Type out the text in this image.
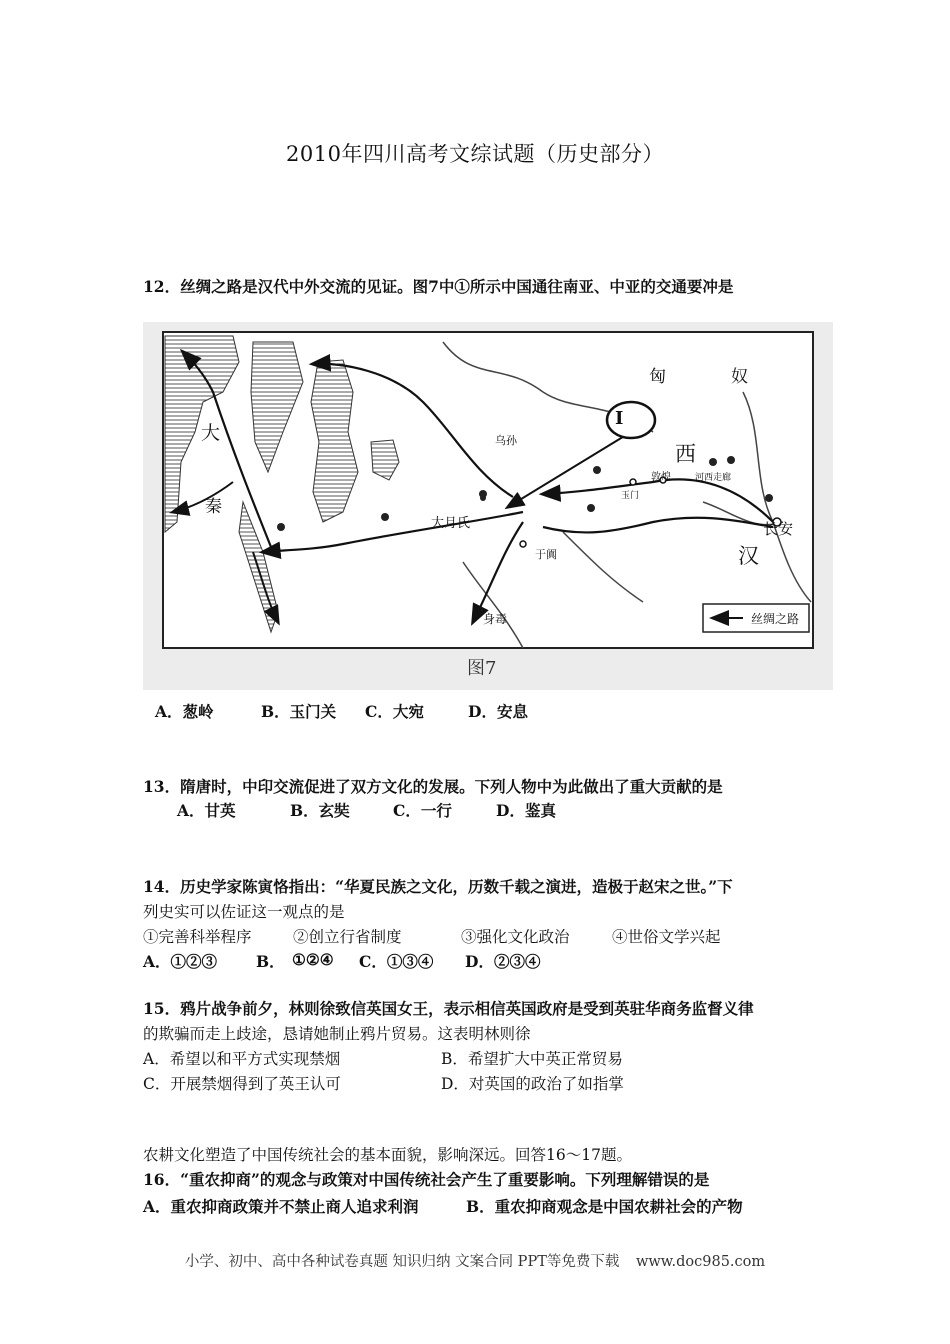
2010年四川高考文综试题（历史部分）
12．丝绸之路是汉代中外交流的见证。图7中①所示中国通往南亚、中亚的交通要冲是
Ⅰ
匈	奴
西
汉
长安
大
秦
大月氏
乌孙
敦煌
玉门
河西走廊
于阗
身毒	丝绸之路
图7
A．葱岭	B．玉门关 C．大宛	D．安息
13．隋唐时，中印交流促进了双方文化的发展。下列人物中为此做出了重大贡献的是
A．甘英	B．玄奘	C．一行	D．鉴真
14．历史学家陈寅恪指出：“华夏民族之文化，历数千载之演进，造极于赵宋之世。”下
列史实可以佐证这一观点的是
①完善科举程序	②创立行省制度	③强化文化政治	④世俗文学兴起
A．①②③	B． ①②④ C．①③④ D．②③④
15．鸦片战争前夕，林则徐致信英国女王，表示相信英国政府是受到英驻华商务监督义律
的欺骗而走上歧途，恳请她制止鸦片贸易。这表明林则徐
A．希望以和平方式实现禁烟	B．希望扩大中英正常贸易
C．开展禁烟得到了英王认可	D．对英国的政治了如指掌
农耕文化塑造了中国传统社会的基本面貌，影响深远。回答16～17题。
16．“重农抑商”的观念与政策对中国传统社会产生了重要影响。下列理解错误的是
A．重农抑商政策并不禁止商人追求利润	B．重农抑商观念是中国农耕社会的产物
小学、初中、高中各种试卷真题 知识归纳 文案合同 PPT等免费下载 www.doc985.com
